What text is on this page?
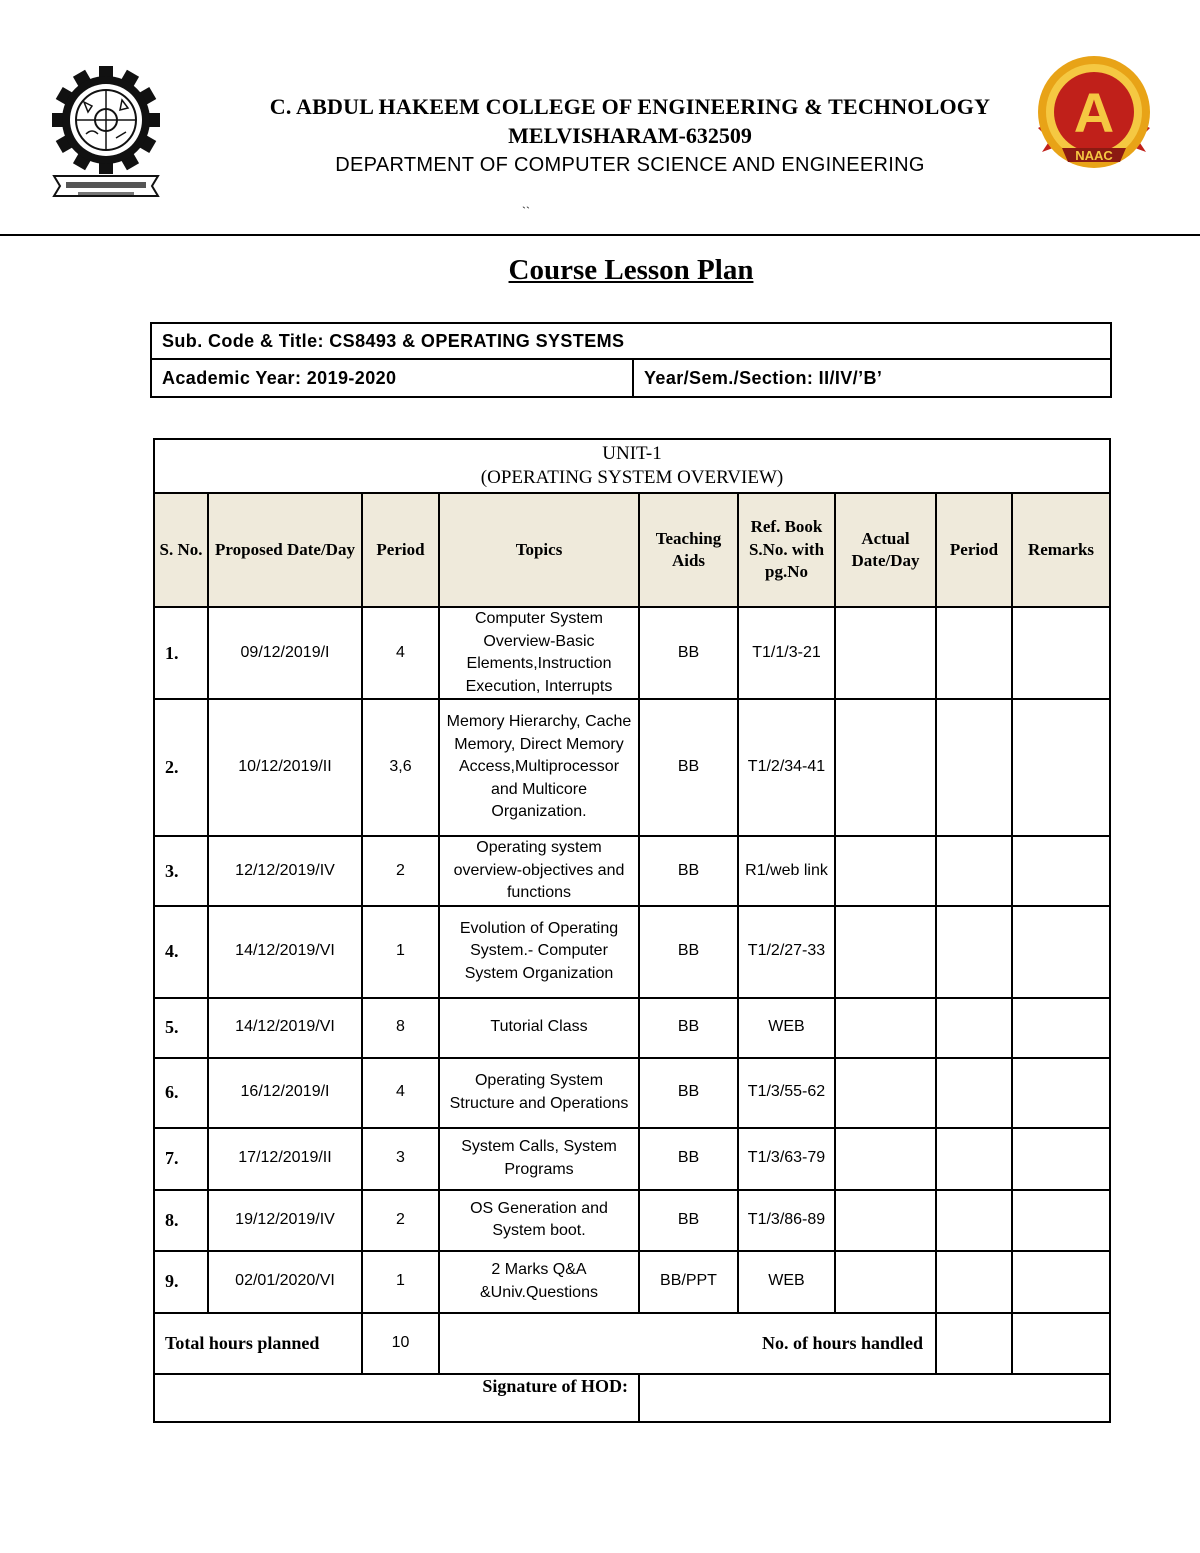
A
NAAC
C. ABDUL HAKEEM COLLEGE OF ENGINEERING & TECHNOLOGY
MELVISHARAM-632509
DEPARTMENT OF COMPUTER SCIENCE AND ENGINEERING
``
Course Lesson Plan
Sub. Code & Title: CS8493 & OPERATING SYSTEMS
Academic Year: 2019-2020	Year/Sem./Section: II/IV/’B’
UNIT-1
(OPERATING SYSTEM OVERVIEW)								

S. No.	Proposed Date/Day	Period	Topics	Teaching Aids	Ref. Book S.No. with pg.No	Actual Date/Day	Period	Remarks
1.	09/12/2019/I	4	Computer System Overview-Basic Elements,Instruction Execution, Interrupts	BB	T1/1/3-21			
2.	10/12/2019/II	3,6	Memory Hierarchy, Cache Memory, Direct Memory Access,Multiprocessor and Multicore Organization.	BB	T1/2/34-41			
3.	12/12/2019/IV	2	Operating system overview-objectives and functions	BB	R1/web link			
4.	14/12/2019/VI	1	Evolution of Operating System.- Computer System Organization	BB	T1/2/27-33			
5.	14/12/2019/VI	8	Tutorial Class	BB	WEB			
6.	16/12/2019/I	4	Operating System Structure and Operations	BB	T1/3/55-62			
7.	17/12/2019/II	3	System Calls, System Programs	BB	T1/3/63-79			
8.	19/12/2019/IV	2	OS Generation and System boot.	BB	T1/3/86-89			
9.	02/01/2020/VI	1	2 Marks Q&A &Univ.Questions	BB/PPT	WEB			
Total hours planned		10	No. of hours handled					
Signature of HOD:								
